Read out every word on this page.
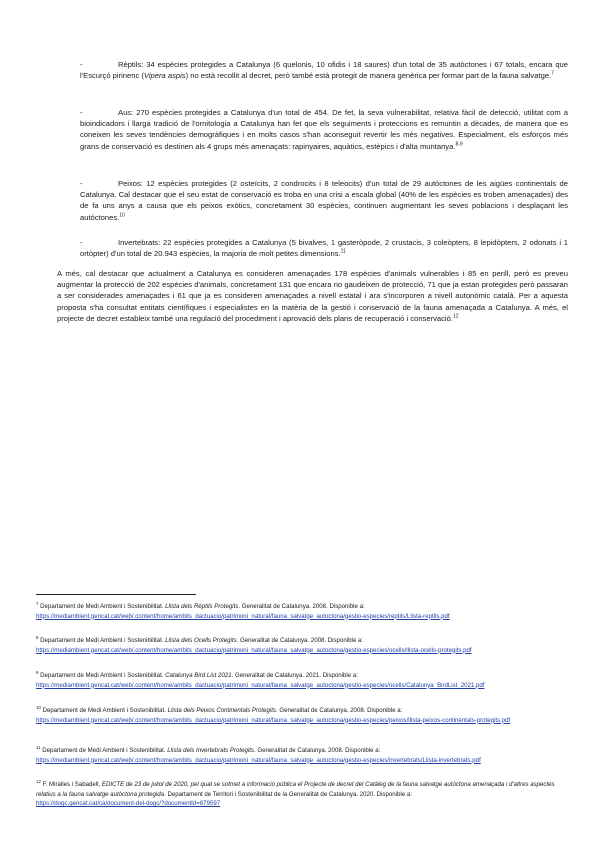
-	Rèptils: 34 espècies protegides a Catalunya (6 quelonis, 10 ofidis i 18 saures) d'un total de 35 autòctones i 67 totals, encara que l'Escurçó pirinenc (Vipera aspis) no està recollit al decret, però també està protegit de manera genèrica per formar part de la fauna salvatge.$^7$

-	Aus: 270 espècies protegides a Catalunya d'un total de 454. De fet, la seva vulnerabilitat, relativa fàcil de detecció, utilitat com a bioindicadors i llarga tradició de l'ornitologia a Catalunya han fet que els seguiments i proteccions es remuntin a dècades, de manera que es coneixen les seves tendències demogràfiques i en molts casos s'han aconseguit revertir les més negatives. Especialment, els esforços més grans de conservació es destinen als 4 grups més amenaçats: rapinyaires, aquàtics, estèpics i d'alta muntanya.$^{8-9}$

-	Peixos: 12 espècies protegides (2 osteïcits, 2 condrocits i 8 teleocits) d'un total de 29 autòctones de les aigües continentals de Catalunya. Cal destacar que el seu estat de conservació es troba en una crisi a escala global (40% de les espècies es troben amenaçades) des de fa uns anys a causa que els peixos exòtics, concretament 30 espècies, continuen augmentant les seves poblacions i desplaçant les autòctones.$^{10}$

-	Invertebrats: 22 espècies protegides a Catalunya (5 bivalves, 1 gasteròpode, 2 crustacis, 3 coleòpters, 8 lepidòpters, 2 odonats i 1 ortòpter) d'un total de 20.943 espècies, la majoria de molt petites dimensions.$^{11}$

A més, cal destacar que actualment a Catalunya es consideren amenaçades 178 espècies d'animals vulnerables i 85 en perill, però es preveu augmentar la protecció de 202 espècies d'animals, concretament 131 que encara no gaudeixen de protecció, 71 que ja estan protegides però passaran a ser considerades amenaçades i 61 que ja es consideren amenaçades a nivell estatal i ara s'incorporen a nivell autonòmic català. Per a aquesta proposta s'ha consultat entitats científiques i especialistes en la matèria de la gestió i conservació de la fauna amenaçada a Catalunya. A més, el projecte de decret estableix també una regulació del procediment i aprovació dels plans de recuperació i conservació.$^{12}$

$^7$ Departament de Medi Ambient i Sostenibilitat. Llista dels Rèptils Protegits. Generalitat de Catalunya. 2008. Disponible a:
https://mediambient.gencat.cat/web/.content/home/ambits_dactuacio/patrimoni_natural/fauna_salvatge_autoctona/gestio-especies/reptils/Llista-reptils.pdf
$^8$ Departament de Medi Ambient i Sostenibilitat. Llista dels Ocells Protegits. Generalitat de Catalunya. 2008. Disponible a:
https://mediambient.gencat.cat/web/.content/home/ambits_dactuacio/patrimoni_natural/fauna_salvatge_autoctona/gestio-especies/ocells/llista-ocells-protegits.pdf
$^9$ Departament de Medi Ambient i Sostenibilitat. Catalunya Bird List 2021. Generalitat de Catalunya. 2021. Disponible a:
https://mediambient.gencat.cat/web/.content/home/ambits_dactuacio/patrimoni_natural/fauna_salvatge_autoctona/gestio-especies/ocells/Catalunya_BirdList_2021.pdf
$^{10}$ Departament de Medi Ambient i Sostenibilitat. Llista dels Peixos Continentals Protegits. Generalitat de Catalunya. 2008. Disponible a:
https://mediambient.gencat.cat/web/.content/home/ambits_dactuacio/patrimoni_natural/fauna_salvatge_autoctona/gestio-especies/peixos/llista-peixos-continentals-protegits.pdf
$^{11}$ Departament de Medi Ambient i Sostenibilitat. Llista dels Invertebrats Protegits. Generalitat de Catalunya. 2008. Disponible a:
https://mediambient.gencat.cat/web/.content/home/ambits_dactuacio/patrimoni_natural/fauna_salvatge_autoctona/gestio-especies/invertebrats/Llista-invertebrats.pdf
$^{12}$ F. Miralles i Sabadell, EDICTE de 23 de juliol de 2020, pel qual se sotmet a informació pública el Projecte de decret del Catàleg de la fauna salvatge autòctona amenaçada i d'altres aspectes relatius a la fauna salvatge autòctona protegida. Departament de Territori i Sostenibilitat de la Generalitat de Catalunya. 2020. Disponible a:
https://dogc.gencat.cat/ca/document-del-dogc/?documentId=879597
